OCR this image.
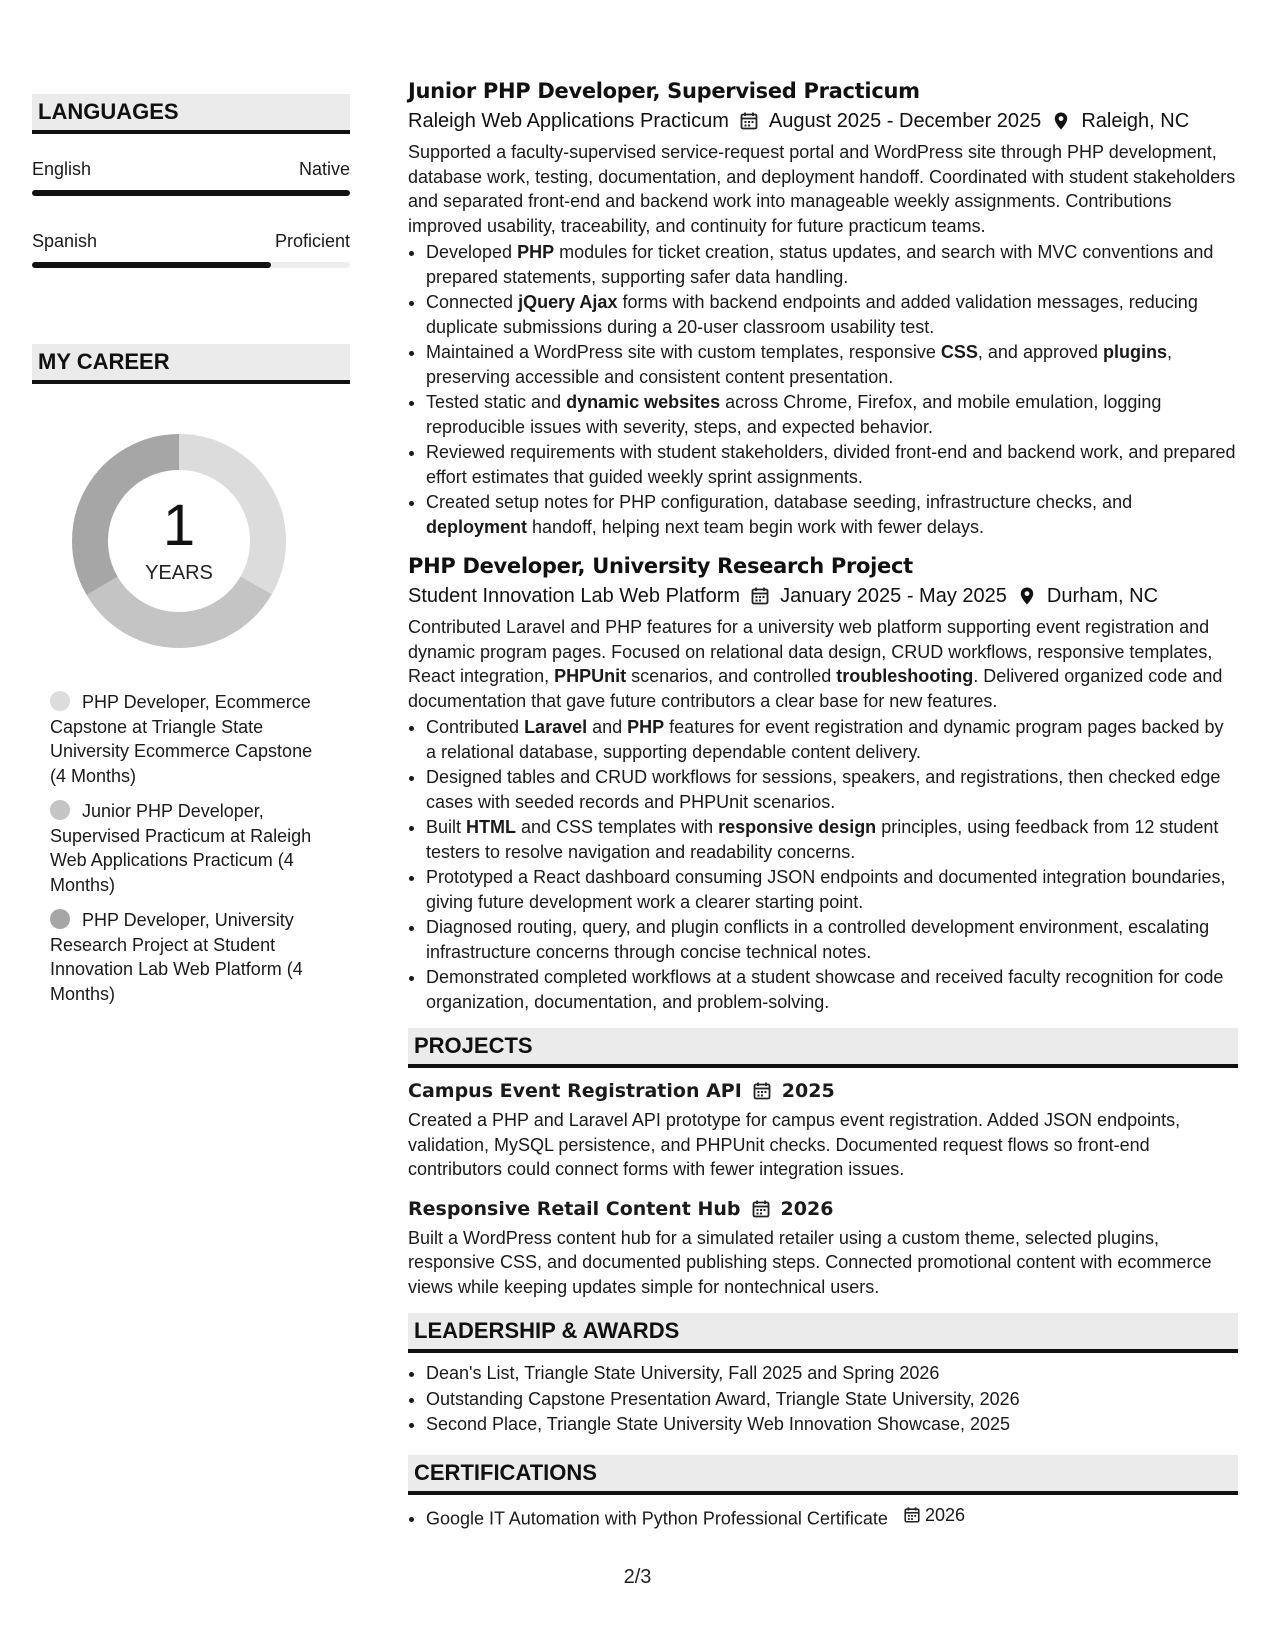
LANGUAGES
English	Native
Spanish	Proficient
MY CAREER
1
YEARS
PHP Developer, Ecommerce Capstone at Triangle State University Ecommerce Capstone (4 Months)
Junior PHP Developer, Supervised Practicum at Raleigh Web Applications Practicum (4 Months)
PHP Developer, University Research Project at Student Innovation Lab Web Platform (4 Months)
Junior PHP Developer, Supervised Practicum
Raleigh Web Applications Practicum August 2025 - December 2025 Raleigh, NC

Supported a faculty-supervised service-request portal and WordPress site through PHP development, database work, testing, documentation, and deployment handoff. Coordinated with student stakeholders and separated front-end and backend work into manageable weekly assignments. Contributions improved usability, traceability, and continuity for future practicum teams.

• Developed PHP modules for ticket creation, status updates, and search with MVC conventions and prepared statements, supporting safer data handling.
• Connected jQuery Ajax forms with backend endpoints and added validation messages, reducing duplicate submissions during a 20-user classroom usability test.
• Maintained a WordPress site with custom templates, responsive CSS, and approved plugins, preserving accessible and consistent content presentation.
• Tested static and dynamic websites across Chrome, Firefox, and mobile emulation, logging reproducible issues with severity, steps, and expected behavior.
• Reviewed requirements with student stakeholders, divided front-end and backend work, and prepared effort estimates that guided weekly sprint assignments.
• Created setup notes for PHP configuration, database seeding, infrastructure checks, and deployment handoff, helping next team begin work with fewer delays.
PHP Developer, University Research Project
Student Innovation Lab Web Platform January 2025 - May 2025 Durham, NC

Contributed Laravel and PHP features for a university web platform supporting event registration and dynamic program pages. Focused on relational data design, CRUD workflows, responsive templates, React integration, PHPUnit scenarios, and controlled troubleshooting. Delivered organized code and documentation that gave future contributors a clear base for new features.

• Contributed Laravel and PHP features for event registration and dynamic program pages backed by a relational database, supporting dependable content delivery.
• Designed tables and CRUD workflows for sessions, speakers, and registrations, then checked edge cases with seeded records and PHPUnit scenarios.
• Built HTML and CSS templates with responsive design principles, using feedback from 12 student testers to resolve navigation and readability concerns.
• Prototyped a React dashboard consuming JSON endpoints and documented integration boundaries, giving future development work a clearer starting point.
• Diagnosed routing, query, and plugin conflicts in a controlled development environment, escalating infrastructure concerns through concise technical notes.
• Demonstrated completed workflows at a student showcase and received faculty recognition for code organization, documentation, and problem-solving.
PROJECTS
Campus Event Registration API 2025

Created a PHP and Laravel API prototype for campus event registration. Added JSON endpoints, validation, MySQL persistence, and PHPUnit checks. Documented request flows so front-end contributors could connect forms with fewer integration issues.

Responsive Retail Content Hub 2026

Built a WordPress content hub for a simulated retailer using a custom theme, selected plugins, responsive CSS, and documented publishing steps. Connected promotional content with ecommerce views while keeping updates simple for nontechnical users.

LEADERSHIP & AWARDS
• Dean's List, Triangle State University, Fall 2025 and Spring 2026
• Outstanding Capstone Presentation Award, Triangle State University, 2026
• Second Place, Triangle State University Web Innovation Showcase, 2025
CERTIFICATIONS
• Google IT Automation with Python Professional Certificate 2026
2/3
